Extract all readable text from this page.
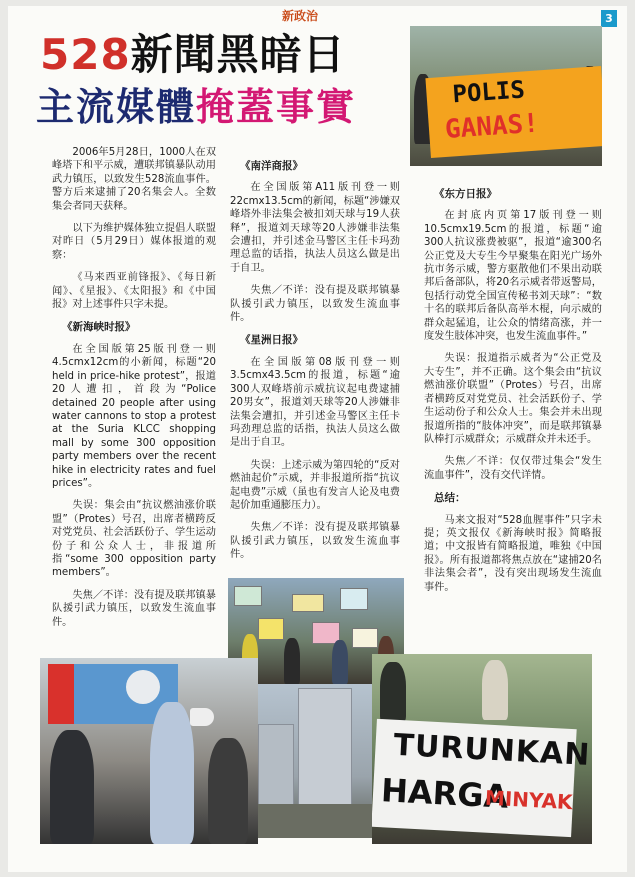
新政治	3
528新聞黑暗日
主流媒體掩蓋事實	POLIS
GANAS!

2006年5月28日，1000人在双峰塔下和平示威，遭联邦镇暴队动用武力镇压，以致发生528流血事件。警方后来逮捕了20名集会人。全数集会者同天获释。

以下为维护媒体独立提倡人联盟对昨日（5月29日）媒体报道的观察：

《马来西亚前锋报》、《每日新闻》、《星报》、《太阳报》和《中国报》对上述事件只字未提。

《新海峡时报》

在全国版第25版刊登一则4.5cmx12cm的小新闻，标题“20 held in price-hike protest”，报道20人遭扣，首段为“Police detained 20 people after using water cannons to stop a protest at the Suria KLCC shopping mall by some 300 opposition party members over the recent hike in electricity rates and fuel prices”。

失误：集会由“抗议燃油涨价联盟”（Protes）号召，出席者横跨反对党党员、社会活跃份子、学生运动份子和公众人士，非报道所指“some 300 opposition party members”。

失焦／不详：没有提及联邦镇暴队援引武力镇压，以致发生流血事件。

《南洋商报》

在全国版第A11版刊登一则22cmx13.5cm的新闻，标题“涉嫌双峰塔外非法集会被扣刘天球与19人获释”，报道刘天球等20人涉嫌非法集会遭扣，并引述金马警区主任卡玛劲理总监的话指，执法人员这么做是出于自卫。

失焦／不详：没有提及联邦镇暴队援引武力镇压，以致发生流血事件。

《星洲日报》

在全国版第08版刊登一则3.5cmx43.5cm的报道，标题“逾300人双峰塔前示威抗议起电费逮捕20男女”，报道刘天球等20人涉嫌非法集会遭扣，并引述金马警区主任卡玛劲理总监的话指，执法人员这么做是出于自卫。

失误：上述示威为第四轮的“反对燃油起价”示威，并非报道所指“抗议起电费”示威（虽也有发言人论及电费起价加重通膨压力）。

失焦／不详：没有提及联邦镇暴队援引武力镇压，以致发生流血事件。

《东方日报》

在封底内页第17版刊登一则10.5cmx19.5cm的报道，标题“逾300人抗议涨费被驱”，报道“逾300名公正党及大专生今早聚集在阳光广场外抗市务示威，警方驱散他们不果出动联邦后备部队，将20名示威者带返警局，包括行动党全国宣传秘书刘天球”：“数十名的联邦后备队高举木棍，向示威的群众起猛追，让公众的情绪高涨，并一度发生肢体冲突，也发生流血事件。”

失误：报道指示威者为“公正党及大专生”，并不正确。这个集会由“抗议燃油涨价联盟”（Protes）号召，出席者横跨反对党党员、社会活跃份子、学生运动份子和公众人士。集会并未出现报道所指的“肢体冲突”，而是联邦镇暴队棒打示威群众；示威群众并未还手。

失焦／不详：仅仅带过集会“发生流血事件”，没有交代详情。

总结：

马来文报对“528血腥事件”只字未提；英文报仅《新海峡时报》简略报道；中文报皆有简略报道，唯独《中国报》。所有报道都将焦点放在“逮捕20名非法集会者”，没有突出现场发生流血事件。

TURUNKAN
HARGA
MINYAK
